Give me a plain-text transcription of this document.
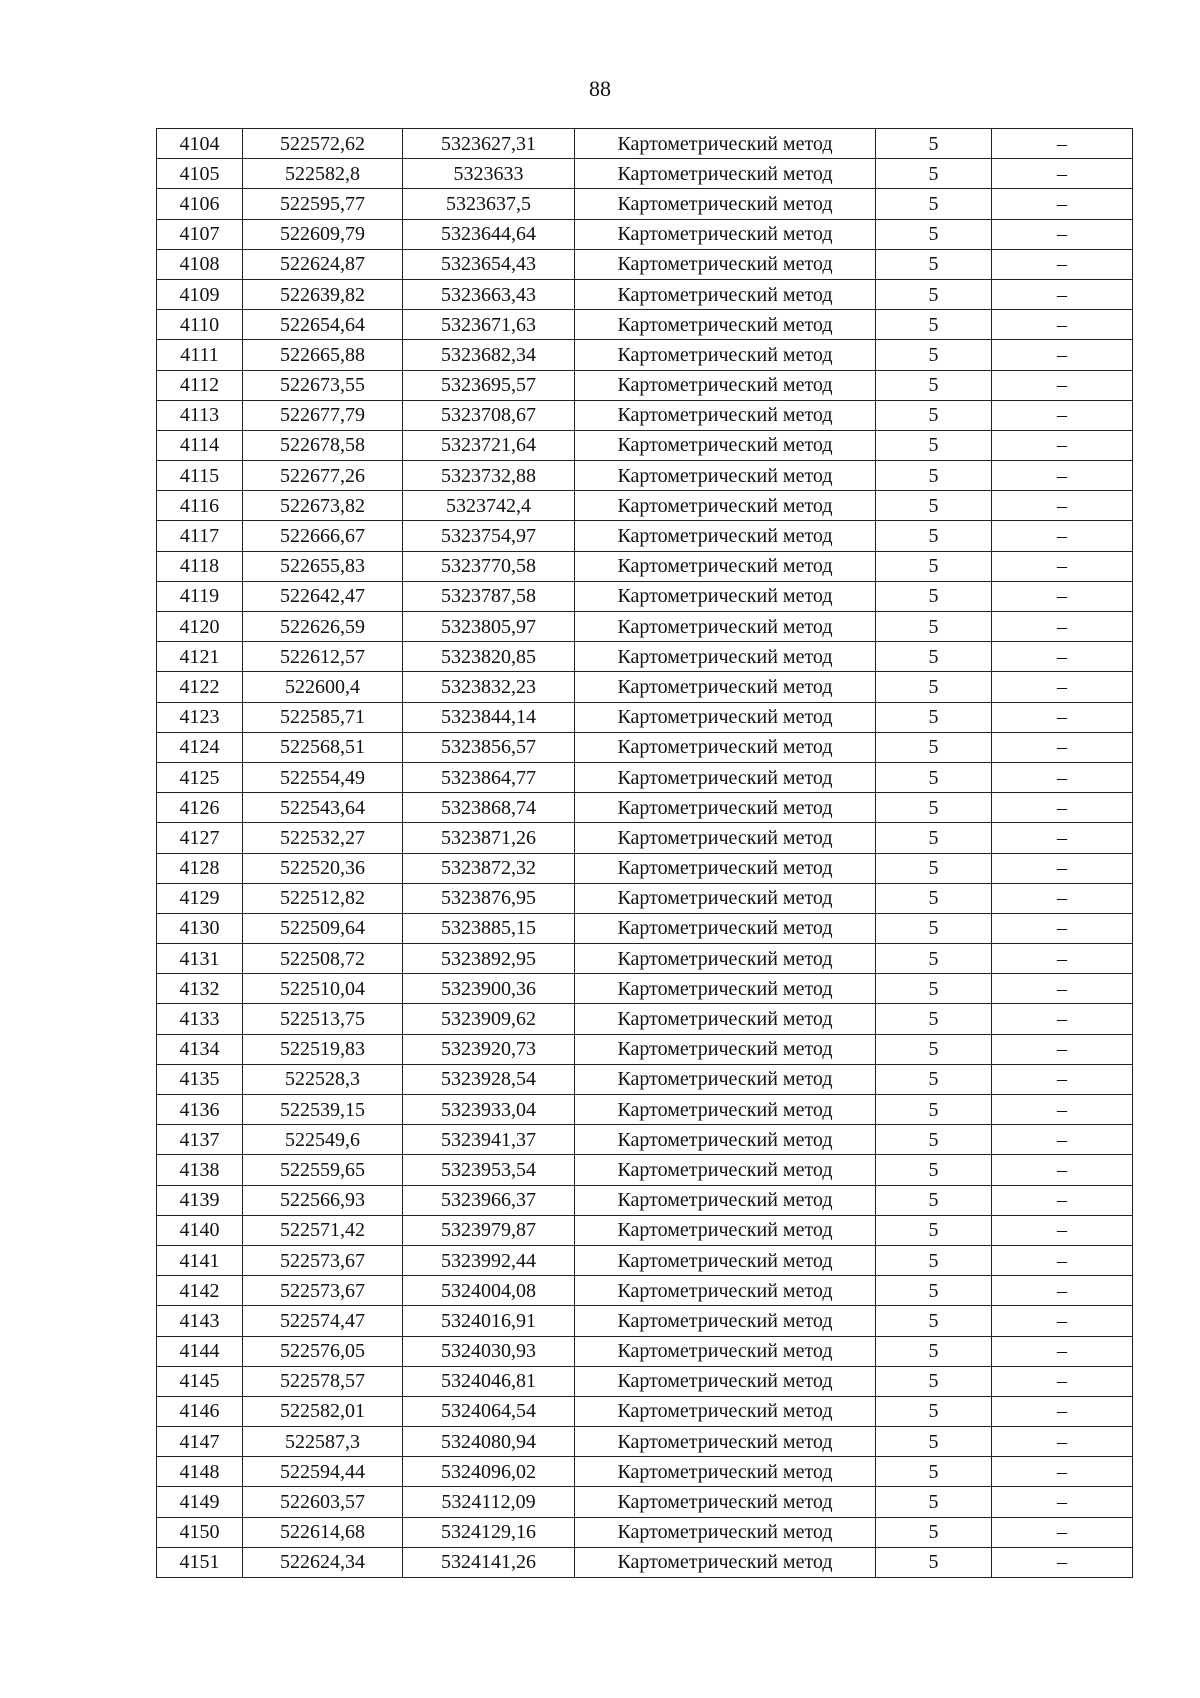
88
4104	522572,62	5323627,31	Картометрический метод	5	–
4105	522582,8	5323633	Картометрический метод	5	–
4106	522595,77	5323637,5	Картометрический метод	5	–
4107	522609,79	5323644,64	Картометрический метод	5	–
4108	522624,87	5323654,43	Картометрический метод	5	–
4109	522639,82	5323663,43	Картометрический метод	5	–
4110	522654,64	5323671,63	Картометрический метод	5	–
4111	522665,88	5323682,34	Картометрический метод	5	–
4112	522673,55	5323695,57	Картометрический метод	5	–
4113	522677,79	5323708,67	Картометрический метод	5	–
4114	522678,58	5323721,64	Картометрический метод	5	–
4115	522677,26	5323732,88	Картометрический метод	5	–
4116	522673,82	5323742,4	Картометрический метод	5	–
4117	522666,67	5323754,97	Картометрический метод	5	–
4118	522655,83	5323770,58	Картометрический метод	5	–
4119	522642,47	5323787,58	Картометрический метод	5	–
4120	522626,59	5323805,97	Картометрический метод	5	–
4121	522612,57	5323820,85	Картометрический метод	5	–
4122	522600,4	5323832,23	Картометрический метод	5	–
4123	522585,71	5323844,14	Картометрический метод	5	–
4124	522568,51	5323856,57	Картометрический метод	5	–
4125	522554,49	5323864,77	Картометрический метод	5	–
4126	522543,64	5323868,74	Картометрический метод	5	–
4127	522532,27	5323871,26	Картометрический метод	5	–
4128	522520,36	5323872,32	Картометрический метод	5	–
4129	522512,82	5323876,95	Картометрический метод	5	–
4130	522509,64	5323885,15	Картометрический метод	5	–
4131	522508,72	5323892,95	Картометрический метод	5	–
4132	522510,04	5323900,36	Картометрический метод	5	–
4133	522513,75	5323909,62	Картометрический метод	5	–
4134	522519,83	5323920,73	Картометрический метод	5	–
4135	522528,3	5323928,54	Картометрический метод	5	–
4136	522539,15	5323933,04	Картометрический метод	5	–
4137	522549,6	5323941,37	Картометрический метод	5	–
4138	522559,65	5323953,54	Картометрический метод	5	–
4139	522566,93	5323966,37	Картометрический метод	5	–
4140	522571,42	5323979,87	Картометрический метод	5	–
4141	522573,67	5323992,44	Картометрический метод	5	–
4142	522573,67	5324004,08	Картометрический метод	5	–
4143	522574,47	5324016,91	Картометрический метод	5	–
4144	522576,05	5324030,93	Картометрический метод	5	–
4145	522578,57	5324046,81	Картометрический метод	5	–
4146	522582,01	5324064,54	Картометрический метод	5	–
4147	522587,3	5324080,94	Картометрический метод	5	–
4148	522594,44	5324096,02	Картометрический метод	5	–
4149	522603,57	5324112,09	Картометрический метод	5	–
4150	522614,68	5324129,16	Картометрический метод	5	–
4151	522624,34	5324141,26	Картометрический метод	5	–
